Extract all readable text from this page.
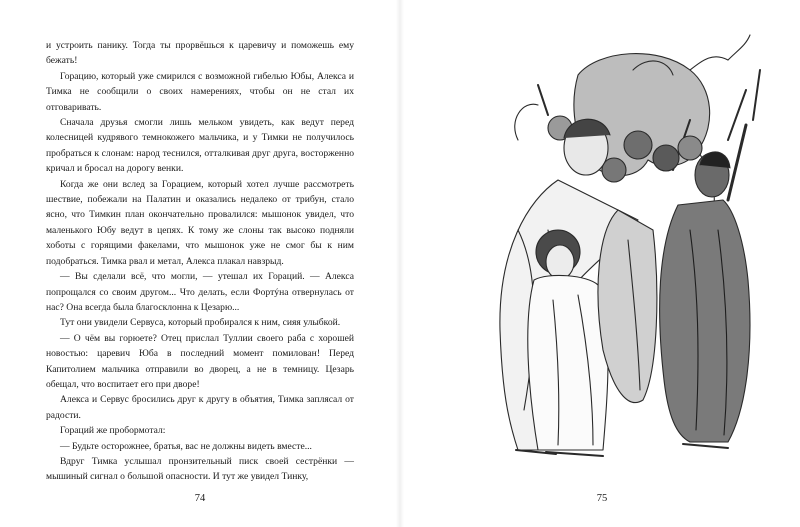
и устроить панику. Тогда ты прорвёшься к царевичу и поможешь ему бежать!

Горацию, который уже смирился с возможной гибелью Юбы, Алекса и Тимка не сообщили о своих намерениях, чтобы он не стал их отговаривать.

Сначала друзья смогли лишь мельком увидеть, как ведут перед колесницей кудрявого темнокожего мальчика, и у Тимки не получилось пробраться к слонам: народ теснился, отталкивая друг друга, восторженно кричал и бросал на дорогу венки.

Когда же они вслед за Горацием, который хотел лучше рассмотреть шествие, побежали на Палатин и оказались недалеко от трибун, стало ясно, что Тимкин план окончательно провалился: мышонок увидел, что маленького Юбу ведут в цепях. К тому же слоны так высоко подняли хоботы с горящими факелами, что мышонок уже не смог бы к ним подобраться. Тимка рвал и метал, Алекса плакал навзрыд.

— Вы сделали всё, что могли, — утешал их Гораций. — Алекса попрощался со своим другом... Что делать, если Фортýна отвернулась от нас? Она всегда была благосклонна к Цезарю...

Тут они увидели Сервуса, который пробирался к ним, сияя улыбкой.

— О чём вы горюете? Отец прислал Туллии своего раба с хорошей новостью: царевич Юба в последний момент помилован! Перед Капитолием мальчика отправили во дворец, а не в темницу. Цезарь обещал, что воспитает его при дворе!

Алекса и Сервус бросились друг к другу в объятия, Тимка запляcал от радости.

Гораций же пробормотал:

— Будьте осторожнее, братья, вас не должны видеть вместе...

Вдруг Тимка услышал пронзительный писк своей сестрёнки — мышиный сигнал о большой опасности. И тут же увидел Тинку,

74	75
